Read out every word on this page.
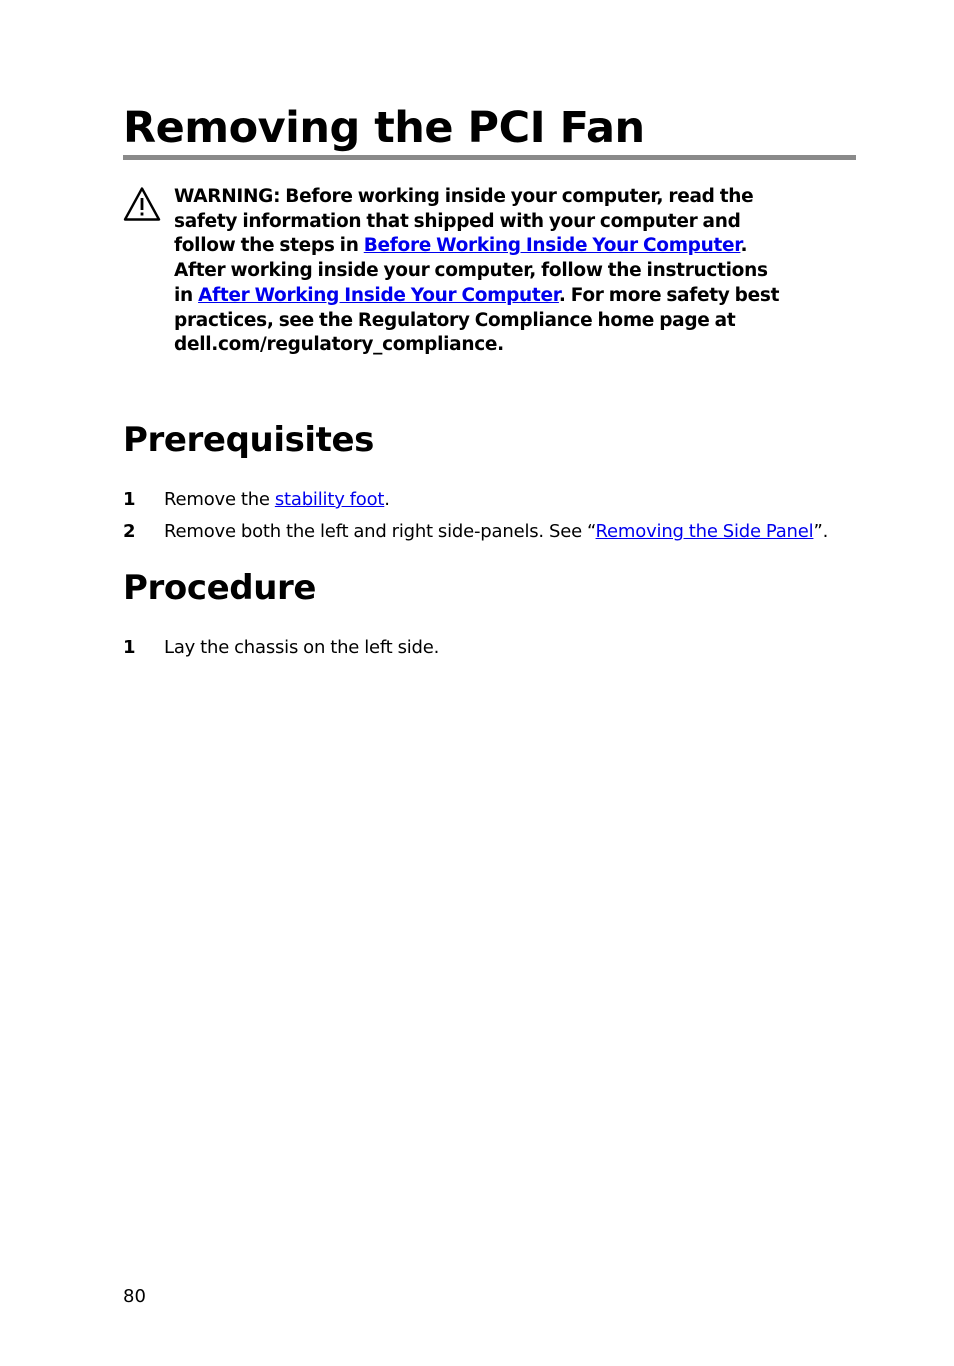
Removing the PCI Fan

WARNING: Before working inside your computer, read the
safety information that shipped with your computer and
follow the steps in Before Working Inside Your Computer.
After working inside your computer, follow the instructions
in After Working Inside Your Computer. For more safety best
practices, see the Regulatory Compliance home page at
dell.com/regulatory_compliance.

Prerequisites
1 Remove the stability foot.
2 Remove both the left and right side-panels. See “Removing the Side Panel”.
Procedure
1 Lay the chassis on the left side.
80
